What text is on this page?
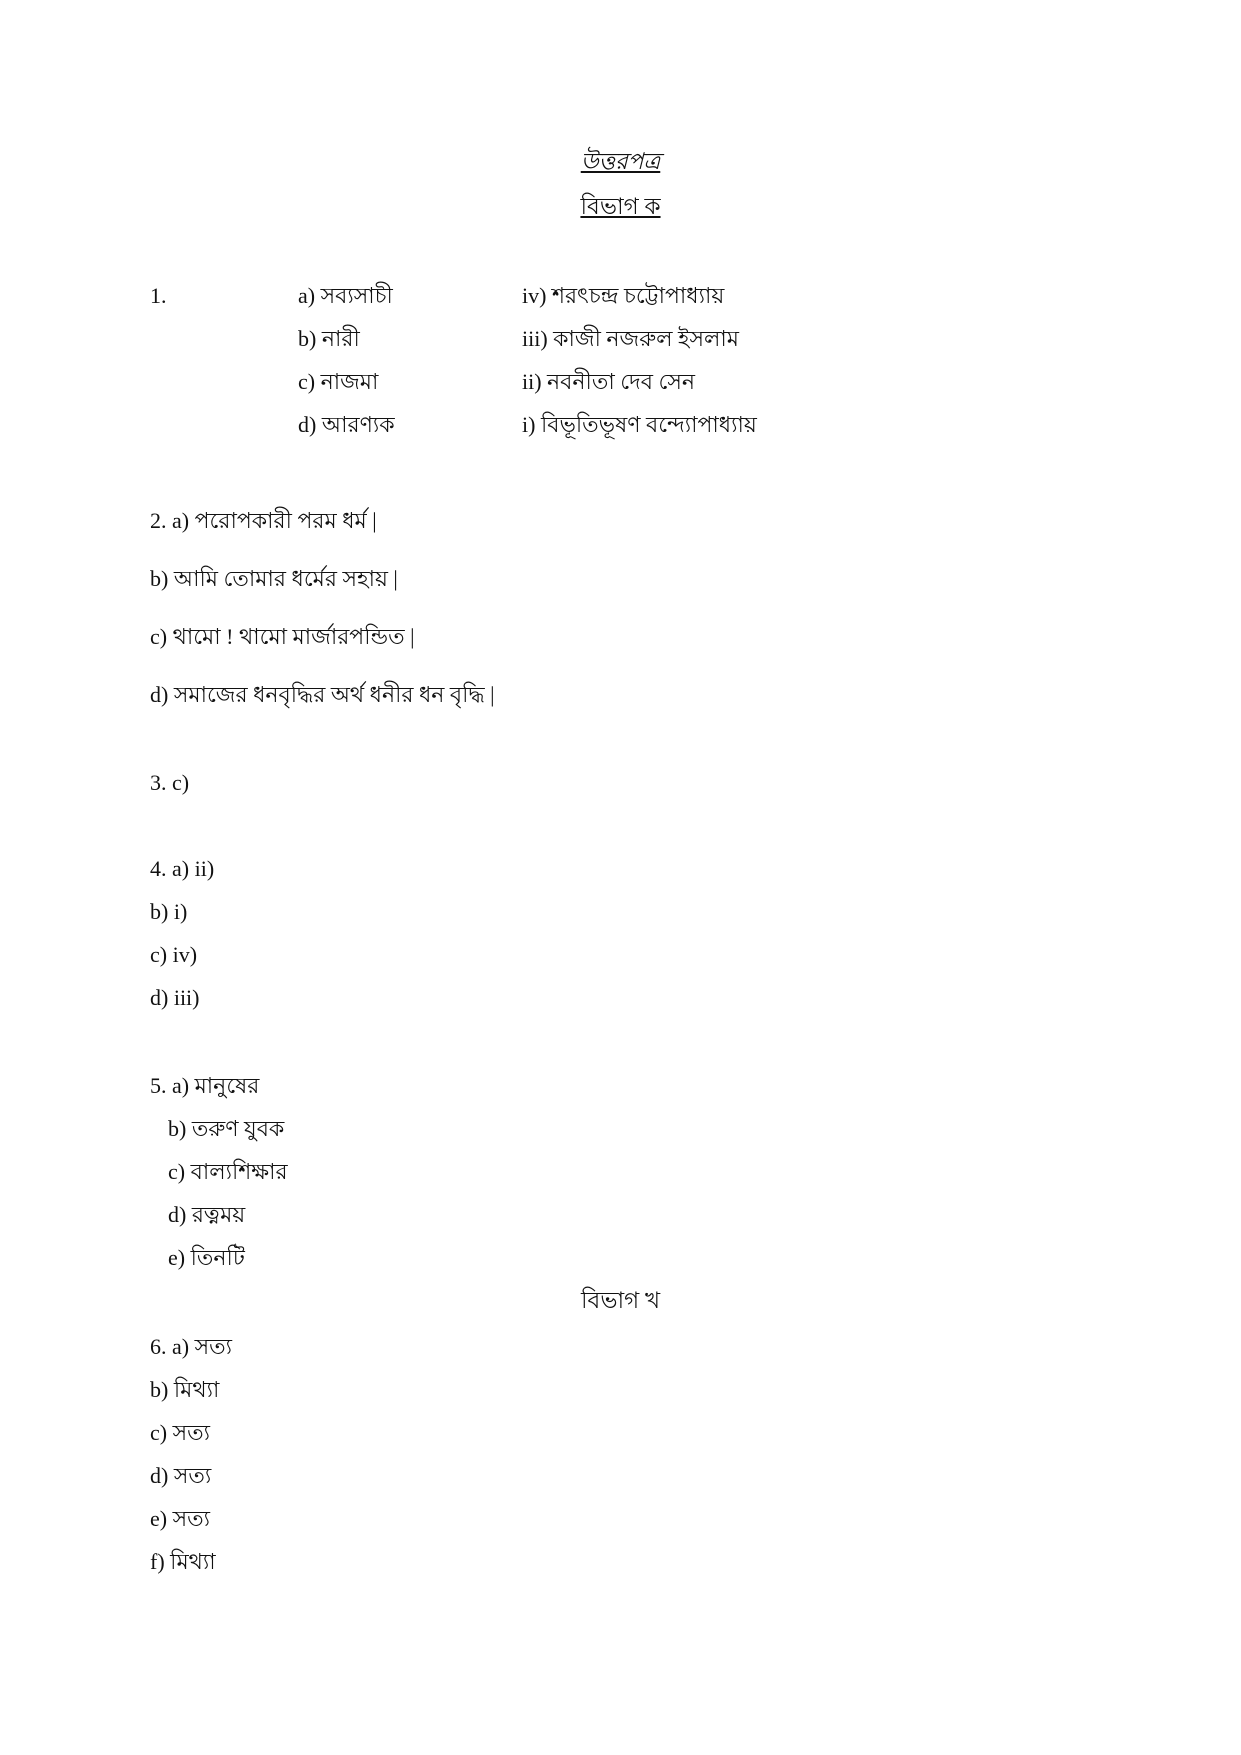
উত্তরপত্র
বিভাগ ক
1.	a) সব্যসাচী	iv) শরৎচন্দ্র চট্টোপাধ্যায়
b) নারী	iii) কাজী নজরুল ইসলাম
c) নাজমা	ii) নবনীতা দেব সেন
d) আরণ্যক	i) বিভূতিভূষণ বন্দ্যোপাধ্যায়
2. a) পরোপকারী পরম ধর্ম |
b) আমি তোমার ধর্মের সহায় |
c) থামো ! থামো মার্জারপন্ডিত |
d) সমাজের ধনবৃদ্ধির অর্থ ধনীর ধন বৃদ্ধি |
3. c)
4. a) ii)
b) i)
c) iv)
d) iii)
5. a) মানুষের
b) তরুণ যুবক
c) বাল্যশিক্ষার
d) রত্নময়
e) তিনটি
বিভাগ খ
6. a) সত্য
b) মিথ্যা
c) সত্য
d) সত্য
e) সত্য
f) মিথ্যা
